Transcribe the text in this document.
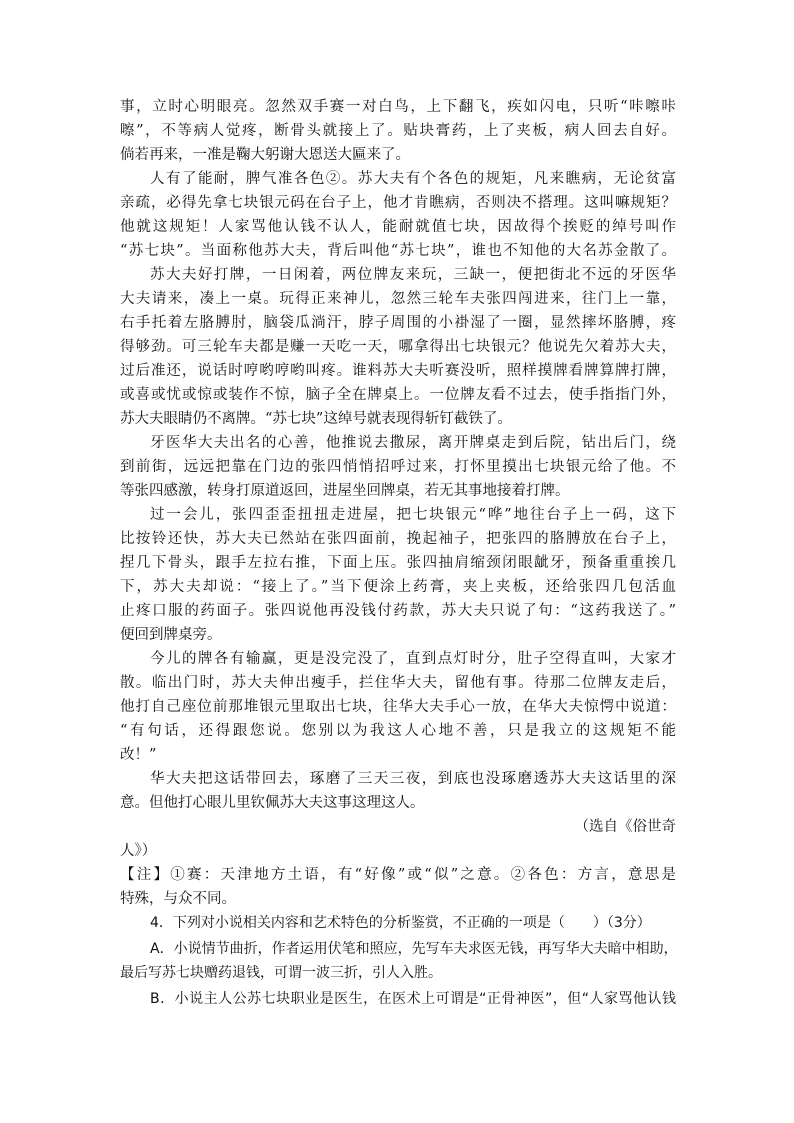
事，立时心明眼亮。忽然双手赛一对白鸟，上下翻飞，疾如闪电，只听“咔嚓咔
嚓”，不等病人觉疼，断骨头就接上了。贴块膏药，上了夹板，病人回去自好。
倘若再来，一准是鞠大躬谢大恩送大匾来了。
人有了能耐，脾气准各色②。苏大夫有个各色的规矩，凡来瞧病，无论贫富
亲疏，必得先拿七块银元码在台子上，他才肯瞧病，否则决不搭理。这叫嘛规矩？
他就这规矩！人家骂他认钱不认人，能耐就值七块，因故得个挨贬的绰号叫作
“苏七块”。当面称他苏大夫，背后叫他“苏七块”，谁也不知他的大名苏金散了。
苏大夫好打牌，一日闲着，两位牌友来玩，三缺一，便把街北不远的牙医华
大夫请来，凑上一桌。玩得正来神儿，忽然三轮车夫张四闯进来，往门上一靠，
右手托着左胳膊肘，脑袋瓜淌汗，脖子周围的小褂湿了一圈，显然摔坏胳膊，疼
得够劲。可三轮车夫都是赚一天吃一天，哪拿得出七块银元？他说先欠着苏大夫，
过后准还，说话时哼哟哼哟叫疼。谁料苏大夫听赛没听，照样摸牌看牌算牌打牌，
或喜或忧或惊或装作不惊，脑子全在牌桌上。一位牌友看不过去，使手指指门外，
苏大夫眼睛仍不离牌。“苏七块”这绰号就表现得斩钉截铁了。
牙医华大夫出名的心善，他推说去撒尿，离开牌桌走到后院，钻出后门，绕
到前街，远远把靠在门边的张四悄悄招呼过来，打怀里摸出七块银元给了他。不
等张四感激，转身打原道返回，进屋坐回牌桌，若无其事地接着打牌。
过一会儿，张四歪歪扭扭走进屋，把七块银元“哗”地往台子上一码，这下
比按铃还快，苏大夫已然站在张四面前，挽起袖子，把张四的胳膊放在台子上，
捏几下骨头，跟手左拉右推，下面上压。张四抽肩缩颈闭眼龇牙，预备重重挨几
下，苏大夫却说：“接上了。”当下便涂上药膏，夹上夹板，还给张四几包活血
止疼口服的药面子。张四说他再没钱付药款，苏大夫只说了句：“这药我送了。”
便回到牌桌旁。
今儿的牌各有输赢，更是没完没了，直到点灯时分，肚子空得直叫，大家才
散。临出门时，苏大夫伸出瘦手，拦住华大夫，留他有事。待那二位牌友走后，
他打自己座位前那堆银元里取出七块，往华大夫手心一放，在华大夫惊愕中说道：
“有句话，还得跟您说。您别以为我这人心地不善，只是我立的这规矩不能
改！”
华大夫把这话带回去，琢磨了三天三夜，到底也没琢磨透苏大夫这话里的深
意。但他打心眼儿里钦佩苏大夫这事这理这人。
（选自《俗世奇
人》）
【注】①赛：天津地方土语，有“好像”或“似”之意。②各色：方言，意思是
特殊，与众不同。
4．下列对小说相关内容和艺术特色的分析鉴赏，不正确的一项是（　　）（3分）
A．小说情节曲折，作者运用伏笔和照应，先写车夫求医无钱，再写华大夫暗中相助，
最后写苏七块赠药退钱，可谓一波三折，引人入胜。
B．小说主人公苏七块职业是医生，在医术上可谓是“正骨神医”，但“人家骂他认钱
